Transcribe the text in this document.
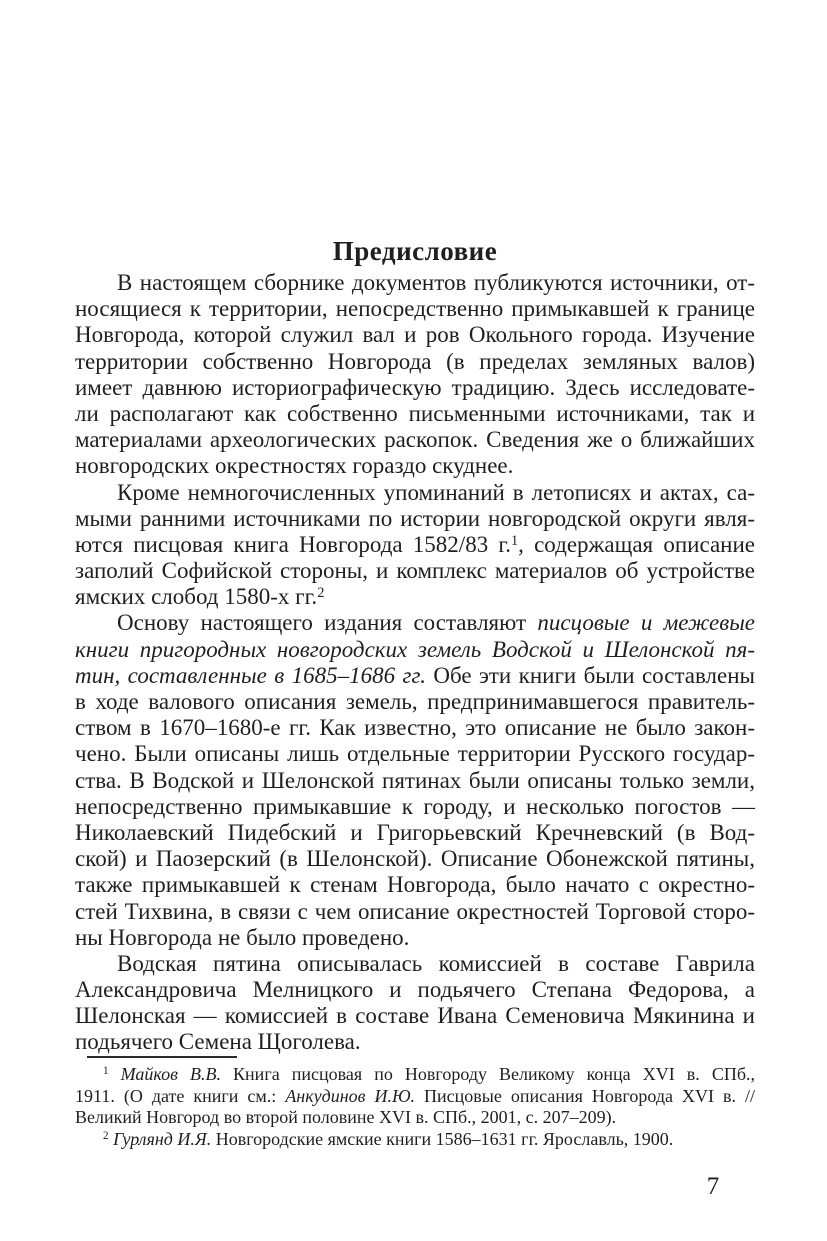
Предисловие
В настоящем сборнике документов публикуются источники, от-
носящиеся к территории, непосредственно примыкавшей к границе
Новгорода, которой служил вал и ров Окольного города. Изучение
территории собственно Новгорода (в пределах земляных валов)
имеет давнюю историографическую традицию. Здесь исследовате-
ли располагают как собственно письменными источниками, так и
материалами археологических раскопок. Сведения же о ближайших
новгородских окрестностях гораздо скуднее.
Кроме немногочисленных упоминаний в летописях и актах, са-
мыми ранними источниками по истории новгородской округи явля-
ются писцовая книга Новгорода 1582/83 г.$^1$, содержащая описание
заполий Софийской стороны, и комплекс материалов об устройстве
ямских слобод 1580-х гг.$^2$
Основу настоящего издания составляют писцовые и межевые
книги пригородных новгородских земель Водской и Шелонской пя-
тин, составленные в 1685–1686 гг. Обе эти книги были составлены
в ходе валового описания земель, предпринимавшегося правитель-
ством в 1670–1680-е гг. Как известно, это описание не было закон-
чено. Были описаны лишь отдельные территории Русского государ-
ства. В Водской и Шелонской пятинах были описаны только земли,
непосредственно примыкавшие к городу, и несколько погостов —
Николаевский Пидебский и Григорьевский Кречневский (в Вод-
ской) и Паозерский (в Шелонской). Описание Обонежской пятины,
также примыкавшей к стенам Новгорода, было начато с окрестно-
стей Тихвина, в связи с чем описание окрестностей Торговой сторо-
ны Новгорода не было проведено.
Водская пятина описывалась комиссией в составе Гаврила
Александровича Мелницкого и подьячего Степана Федорова, а
Шелонская — комиссией в составе Ивана Семеновича Мякинина и
подьячего Семена Щоголева.
$^1$ Майков В.В. Книга писцовая по Новгороду Великому конца XVI в. СПб.,
1911. (О дате книги см.: Анкудинов И.Ю. Писцовые описания Новгорода XVI в. //
Великий Новгород во второй половине XVI в. СПб., 2001, с. 207–209).
$^2$ Гурлянд И.Я. Новгородские ямские книги 1586–1631 гг. Ярославль, 1900.
7
